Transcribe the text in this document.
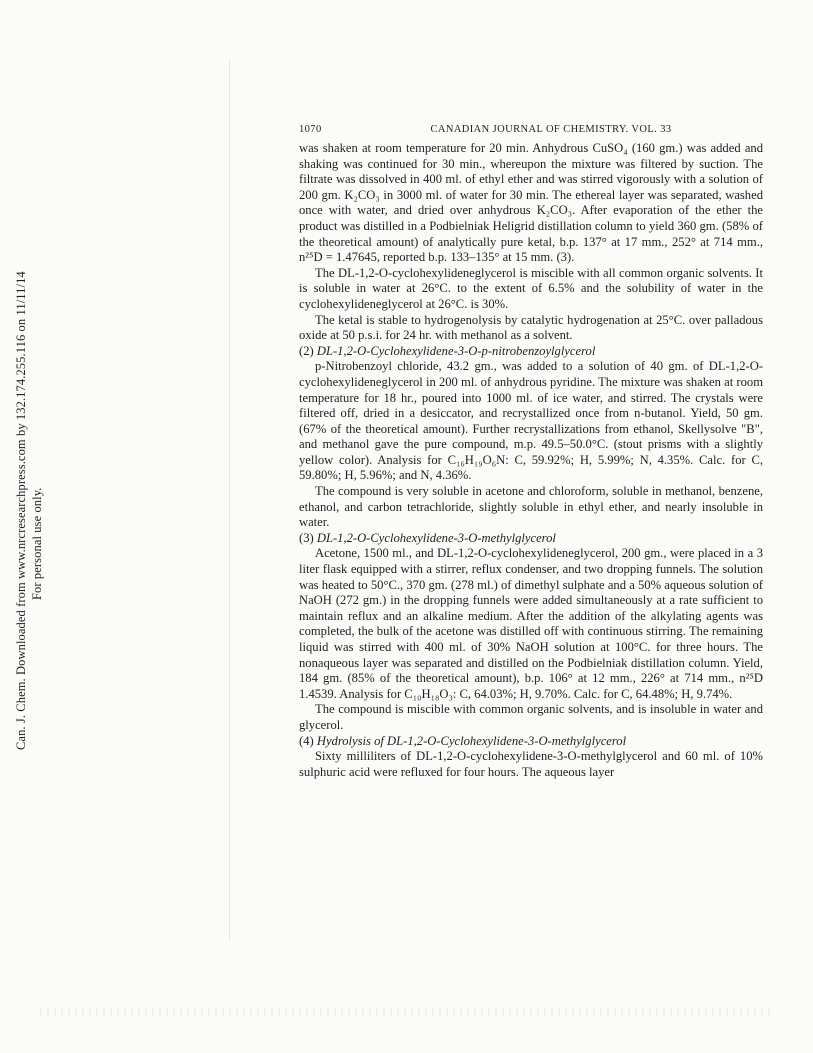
Can. J. Chem. Downloaded from www.nrcresearchpress.com by 132.174.255.116 on 11/11/14 For personal use only.
1070	CANADIAN JOURNAL OF CHEMISTRY. VOL. 33

was shaken at room temperature for 20 min. Anhydrous CuSO₄ (160 gm.) was added and shaking was continued for 30 min., whereupon the mixture was filtered by suction. The filtrate was dissolved in 400 ml. of ethyl ether and was stirred vigorously with a solution of 200 gm. K₂CO₃ in 3000 ml. of water for 30 min. The ethereal layer was separated, washed once with water, and dried over anhydrous K₂CO₃. After evaporation of the ether the product was distilled in a Podbielniak Heligrid distillation column to yield 360 gm. (58% of the theoretical amount) of analytically pure ketal, b.p. 137° at 17 mm., 252° at 714 mm., n²⁵D = 1.47645, reported b.p. 133–135° at 15 mm. (3).

The DL-1,2-O-cyclohexylideneglycerol is miscible with all common organic solvents. It is soluble in water at 26°C. to the extent of 6.5% and the solubility of water in the cyclohexylideneglycerol at 26°C. is 30%.

The ketal is stable to hydrogenolysis by catalytic hydrogenation at 25°C. over palladous oxide at 50 p.s.i. for 24 hr. with methanol as a solvent.

(2) DL-1,2-O-Cyclohexylidene-3-O-p-nitrobenzoylglycerol

p-Nitrobenzoyl chloride, 43.2 gm., was added to a solution of 40 gm. of DL-1,2-O-cyclohexylideneglycerol in 200 ml. of anhydrous pyridine. The mixture was shaken at room temperature for 18 hr., poured into 1000 ml. of ice water, and stirred. The crystals were filtered off, dried in a desiccator, and recrystallized once from n-butanol. Yield, 50 gm. (67% of the theoretical amount). Further recrystallizations from ethanol, Skellysolve "B", and methanol gave the pure compound, m.p. 49.5–50.0°C. (stout prisms with a slightly yellow color). Analysis for C₁₆H₁₉O₆N: C, 59.92%; H, 5.99%; N, 4.35%. Calc. for C, 59.80%; H, 5.96%; and N, 4.36%.

The compound is very soluble in acetone and chloroform, soluble in methanol, benzene, ethanol, and carbon tetrachloride, slightly soluble in ethyl ether, and nearly insoluble in water.

(3) DL-1,2-O-Cyclohexylidene-3-O-methylglycerol

Acetone, 1500 ml., and DL-1,2-O-cyclohexylideneglycerol, 200 gm., were placed in a 3 liter flask equipped with a stirrer, reflux condenser, and two dropping funnels. The solution was heated to 50°C., 370 gm. (278 ml.) of dimethyl sulphate and a 50% aqueous solution of NaOH (272 gm.) in the dropping funnels were added simultaneously at a rate sufficient to maintain reflux and an alkaline medium. After the addition of the alkylating agents was completed, the bulk of the acetone was distilled off with continuous stirring. The remaining liquid was stirred with 400 ml. of 30% NaOH solution at 100°C. for three hours. The nonaqueous layer was separated and distilled on the Podbielniak distillation column. Yield, 184 gm. (85% of the theoretical amount), b.p. 106° at 12 mm., 226° at 714 mm., n²⁵D 1.4539. Analysis for C₁₀H₁₈O₃: C, 64.03%; H, 9.70%. Calc. for C, 64.48%; H, 9.74%.

The compound is miscible with common organic solvents, and is insoluble in water and glycerol.

(4) Hydrolysis of DL-1,2-O-Cyclohexylidene-3-O-methylglycerol

Sixty milliliters of DL-1,2-O-cyclohexylidene-3-O-methylglycerol and 60 ml. of 10% sulphuric acid were refluxed for four hours. The aqueous layer
